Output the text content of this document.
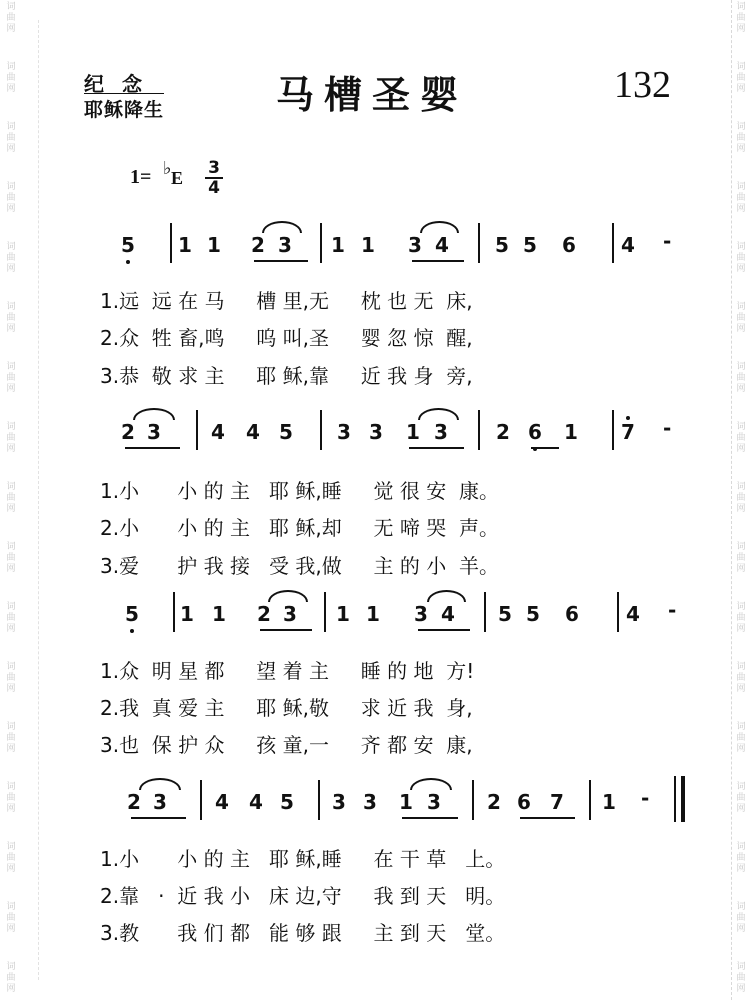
词
曲
网
词
曲
网
词
曲
网
词
曲
网
词
曲
网
词
曲
网
词
曲
网
词
曲
网
词
曲
网
词
曲
网
词
曲
网
词
曲
网
词
曲
网
词
曲
网
词
曲
网
词
曲
网
词
曲
网
词
曲
网
词
曲
网
词
曲
网
词
曲
网
词
曲
网
词
曲
网
词
曲
网
词
曲
网
词
曲
网
词
曲
网
词
曲
网
词
曲
网
词
曲
网
词
曲
网
词
曲
网
词
曲
网
词
曲
网
纪念
耶稣降生	马槽圣婴	132
1= ♭ E 3
4
5 1 1 2 3 1 1 3 4 5 5 6 4 -
2 3	4 4 5 3 3 1 3 2 6 1 7 -
5 1 1 2 3 1 1 3 4 5 5 6 4 -
2 3 4 4 5 3 3 1 3 2 6 7 1 -
1.远  远 在 马     槽 里,无     枕 也 无  床,
2.众  牲 畜,鸣     呜 叫,圣     婴 忽 惊  醒,
3.恭  敬 求 主     耶 稣,靠     近 我 身  旁,
1.小      小 的 主   耶 稣,睡     觉 很 安  康。
2.小      小 的 主   耶 稣,却     无 啼 哭  声。
3.爱      护 我 接   受 我,做     主 的 小  羊。
1.众  明 星 都     望 着 主     睡 的 地  方!
2.我  真 爱 主     耶 稣,敬     求 近 我  身,
3.也  保 护 众     孩 童,一     齐 都 安  康,
1.小      小 的 主   耶 稣,睡     在 干 草   上。
2.靠   ·  近 我 小   床 边,守     我 到 天   明。
3.教      我 们 都   能 够 跟     主 到 天   堂。
